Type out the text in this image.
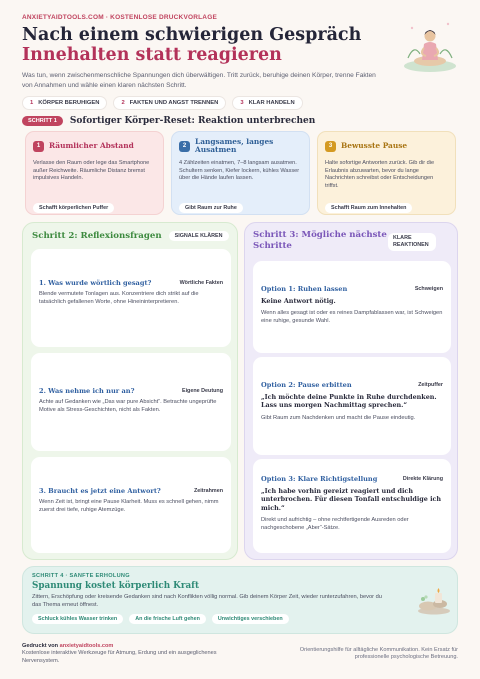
ANXIETYAIDTOOLS.COM · KOSTENLOSE DRUCKVORLAGE
Nach einem schwierigen Gespräch
Innehalten statt reagieren
Was tun, wenn zwischenmenschliche Spannungen dich überwältigen. Tritt zurück, beruhige deinen Körper, trenne Fakten von Annahmen und wähle einen klaren nächsten Schritt.
1 KÖRPER BERUHIGEN	2 FAKTEN UND ANGST TRENNEN	3 KLAR HANDELN
SCHRITT 1	Sofortiger Körper-Reset: Reaktion unterbrechen
1	Räumlicher Abstand
Verlasse den Raum oder lege das Smartphone außer Reichweite. Räumliche Distanz bremst impulsives Handeln.
Schafft körperlichen Puffer
2
Langsames, langes Ausatmen
4 Zählzeiten einatmen, 7–8 langsam ausatmen. Schultern senken, Kiefer lockern, kühles Wasser über die Hände laufen lassen.
Gibt Raum zur Ruhe
3	Bewusste Pause
Halte sofortige Antworten zurück. Gib dir die Erlaubnis abzuwarten, bevor du lange Nachrichten schreibst oder Entscheidungen triffst.
Schafft Raum zum Innehalten
Schritt 2: Reflexionsfragen	SIGNALE KLÄREN
1. Was wurde wörtlich gesagt?	Wörtliche Fakten
Blende vermutete Tonlagen aus. Konzentriere dich strikt auf die tatsächlich gefallenen Worte, ohne Hineininterpretieren.
2. Was nehme ich nur an?	Eigene Deutung
Achte auf Gedanken wie „Das war pure Absicht“. Betrachte ungeprüfte Motive als Stress-Geschichten, nicht als Fakten.
3. Braucht es jetzt eine Antwort?	Zeitrahmen
Wenn Zeit ist, bringt eine Pause Klarheit. Muss es schnell gehen, nimm zuerst drei tiefe, ruhige Atemzüge.
Schritt 3: Mögliche nächste Schritte
KLARE REAKTIONEN
Option 1: Ruhen lassen	Schweigen
Keine Antwort nötig.
Wenn alles gesagt ist oder es reines Dampfablassen war, ist Schweigen eine ruhige, gesunde Wahl.
Option 2: Pause erbitten	Zeitpuffer
„Ich möchte deine Punkte in Ruhe durchdenken. Lass uns morgen Nachmittag sprechen.“
Gibt Raum zum Nachdenken und macht die Pause eindeutig.
Option 3: Klare Richtigstellung	Direkte Klärung
„Ich habe vorhin gereizt reagiert und dich unterbrochen. Für diesen Tonfall entschuldige ich mich.“
Direkt und aufrichtig – ohne rechtfertigende Ausreden oder nachgeschobene „Aber“-Sätze.
SCHRITT 4 · SANFTE ERHOLUNG
Spannung kostet körperlich Kraft
Zittern, Erschöpfung oder kreisende Gedanken sind nach Konflikten völlig normal. Gib deinem Körper Zeit, wieder runterzufahren, bevor du das Thema erneut öffnest.
Schluck kühles Wasser trinken	An die frische Luft gehen	Unwichtiges verschieben
Gedruckt von anxietyaidtools.com
Kostenlose interaktive Werkzeuge für Atmung, Erdung und ein ausgeglichenes Nervensystem.
Orientierungshilfe für alltägliche Kommunikation. Kein Ersatz für professionelle psychologische Betreuung.
